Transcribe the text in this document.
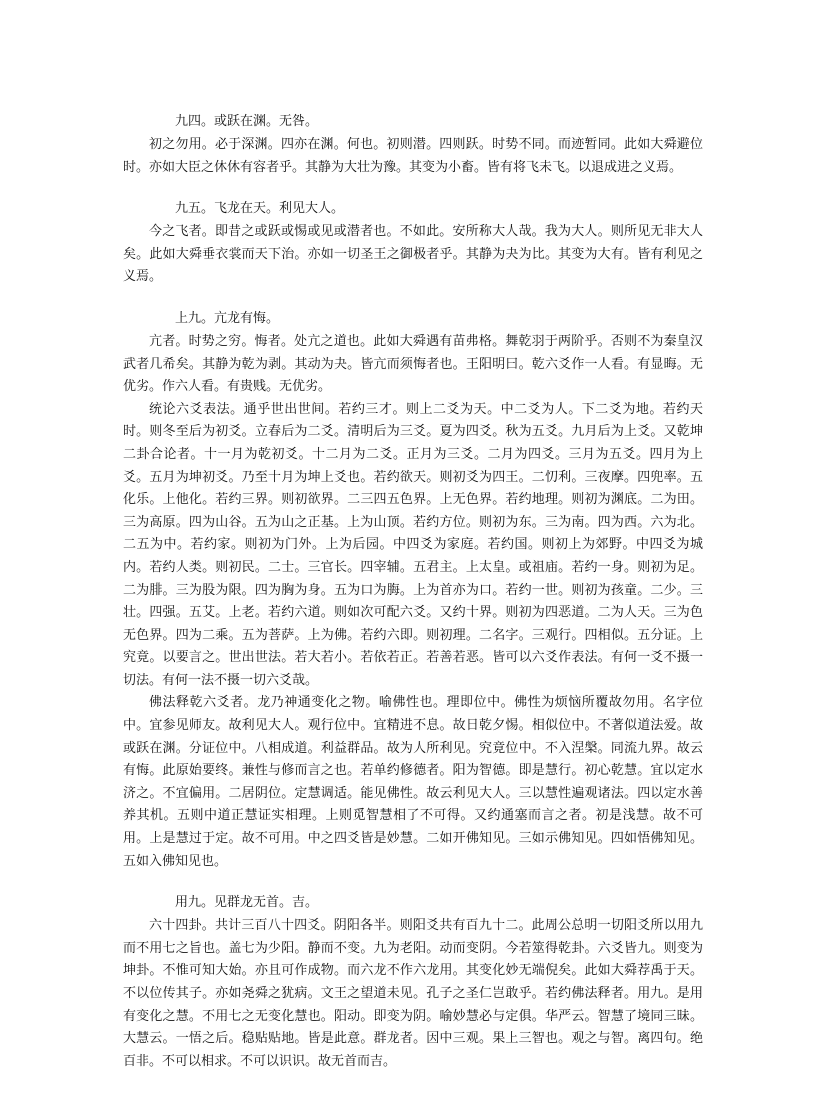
九四。或跃在渊。无咎。

初之勿用。必于深渊。四亦在渊。何也。初则潜。四则跃。时势不同。而迹暂同。此如大舜避位时。亦如大臣之休休有容者乎。其静为大壮为豫。其变为小畜。皆有将飞未飞。以退成进之义焉。

九五。飞龙在天。利见大人。

今之飞者。即昔之或跃或惕或见或潜者也。不如此。安所称大人哉。我为大人。则所见无非大人矣。此如大舜垂衣裳而天下治。亦如一切圣王之御极者乎。其静为夬为比。其变为大有。皆有利见之义焉。

上九。亢龙有悔。

亢者。时势之穷。悔者。处亢之道也。此如大舜遇有苗弗格。舞乾羽于两阶乎。否则不为秦皇汉武者几希矣。其静为乾为剥。其动为夬。皆亢而须悔者也。王阳明曰。乾六爻作一人看。有显晦。无优劣。作六人看。有贵贱。无优劣。

统论六爻表法。通乎世出世间。若约三才。则上二爻为天。中二爻为人。下二爻为地。若约天时。则冬至后为初爻。立春后为二爻。清明后为三爻。夏为四爻。秋为五爻。九月后为上爻。又乾坤二卦合论者。十一月为乾初爻。十二月为二爻。正月为三爻。二月为四爻。三月为五爻。四月为上爻。五月为坤初爻。乃至十月为坤上爻也。若约欲天。则初爻为四王。二忉利。三夜摩。四兜率。五化乐。上他化。若约三界。则初欲界。二三四五色界。上无色界。若约地理。则初为渊底。二为田。三为高原。四为山谷。五为山之正基。上为山顶。若约方位。则初为东。三为南。四为西。六为北。二五为中。若约家。则初为门外。上为后园。中四爻为家庭。若约国。则初上为郊野。中四爻为城内。若约人类。则初民。二士。三官长。四宰辅。五君主。上太皇。或祖庙。若约一身。则初为足。二为腓。三为股为限。四为胸为身。五为口为脢。上为首亦为口。若约一世。则初为孩童。二少。三壮。四强。五艾。上老。若约六道。则如次可配六爻。又约十界。则初为四恶道。二为人天。三为色无色界。四为二乘。五为菩萨。上为佛。若约六即。则初理。二名字。三观行。四相似。五分证。上究竟。以要言之。世出世法。若大若小。若依若正。若善若恶。皆可以六爻作表法。有何一爻不摄一切法。有何一法不摄一切六爻哉。

佛法释乾六爻者。龙乃神通变化之物。喻佛性也。理即位中。佛性为烦恼所覆故勿用。名字位中。宜参见师友。故利见大人。观行位中。宜精进不息。故日乾夕惕。相似位中。不著似道法爱。故或跃在渊。分证位中。八相成道。利益群品。故为人所利见。究竟位中。不入涅槃。同流九界。故云有悔。此原始要终。兼性与修而言之也。若单约修德者。阳为智德。即是慧行。初心乾慧。宜以定水济之。不宜偏用。二居阴位。定慧调适。能见佛性。故云利见大人。三以慧性遍观诸法。四以定水善养其机。五则中道正慧证实相理。上则觅智慧相了不可得。又约通塞而言之者。初是浅慧。故不可用。上是慧过于定。故不可用。中之四爻皆是妙慧。二如开佛知见。三如示佛知见。四如悟佛知见。五如入佛知见也。

用九。见群龙无首。吉。

六十四卦。共计三百八十四爻。阴阳各半。则阳爻共有百九十二。此周公总明一切阳爻所以用九而不用七之旨也。盖七为少阳。静而不变。九为老阳。动而变阴。今若筮得乾卦。六爻皆九。则变为坤卦。不惟可知大始。亦且可作成物。而六龙不作六龙用。其变化妙无端倪矣。此如大舜荐禹于天。不以位传其子。亦如尧舜之犹病。文王之望道未见。孔子之圣仁岂敢乎。若约佛法释者。用九。是用有变化之慧。不用七之无变化慧也。阳动。即变为阴。喻妙慧必与定俱。华严云。智慧了境同三昧。大慧云。一悟之后。稳贴贴地。皆是此意。群龙者。因中三观。果上三智也。观之与智。离四句。绝百非。不可以相求。不可以识识。故无首而吉。
